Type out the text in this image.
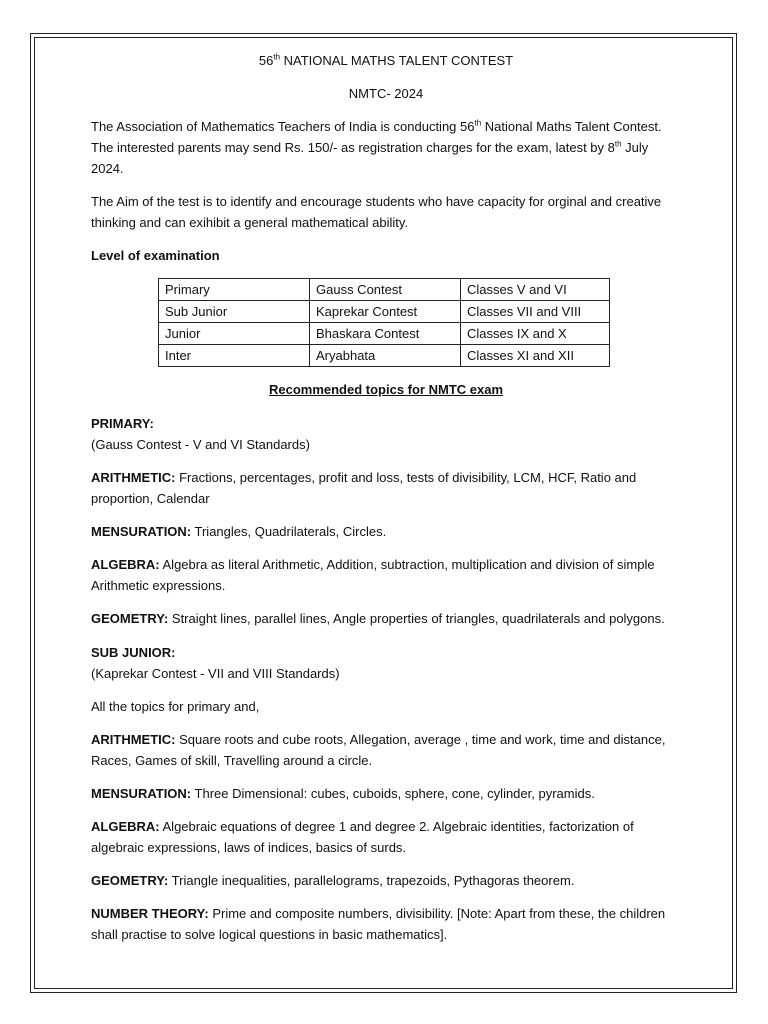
56th NATIONAL MATHS TALENT CONTEST

NMTC- 2024

The Association of Mathematics Teachers of India is conducting 56th National Maths Talent Contest. The interested parents may send Rs. 150/- as registration charges for the exam, latest by 8th July 2024.

The Aim of the test is to identify and encourage students who have capacity for orginal and creative thinking and can exihibit a general mathematical ability.

Level of examination

Primary	Gauss Contest	Classes V and VI
Sub Junior	Kaprekar Contest	Classes VII and VIII
Junior	Bhaskara Contest	Classes IX and X
Inter	Aryabhata	Classes XI and XII

Recommended topics for NMTC exam

PRIMARY:

(Gauss Contest - V and VI Standards)

ARITHMETIC: Fractions, percentages, profit and loss, tests of divisibility, LCM, HCF, Ratio and proportion, Calendar

MENSURATION: Triangles, Quadrilaterals, Circles.

ALGEBRA: Algebra as literal Arithmetic, Addition, subtraction, multiplication and division of simple Arithmetic expressions.

GEOMETRY: Straight lines, parallel lines, Angle properties of triangles, quadrilaterals and polygons.

SUB JUNIOR:

(Kaprekar Contest - VII and VIII Standards)

All the topics for primary and,

ARITHMETIC: Square roots and cube roots, Allegation, average , time and work, time and distance, Races, Games of skill, Travelling around a circle.

MENSURATION: Three Dimensional: cubes, cuboids, sphere, cone, cylinder, pyramids.

ALGEBRA: Algebraic equations of degree 1 and degree 2. Algebraic identities, factorization of algebraic expressions, laws of indices, basics of surds.

GEOMETRY: Triangle inequalities, parallelograms, trapezoids, Pythagoras theorem.

NUMBER THEORY: Prime and composite numbers, divisibility. [Note: Apart from these, the children shall practise to solve logical questions in basic mathematics].
